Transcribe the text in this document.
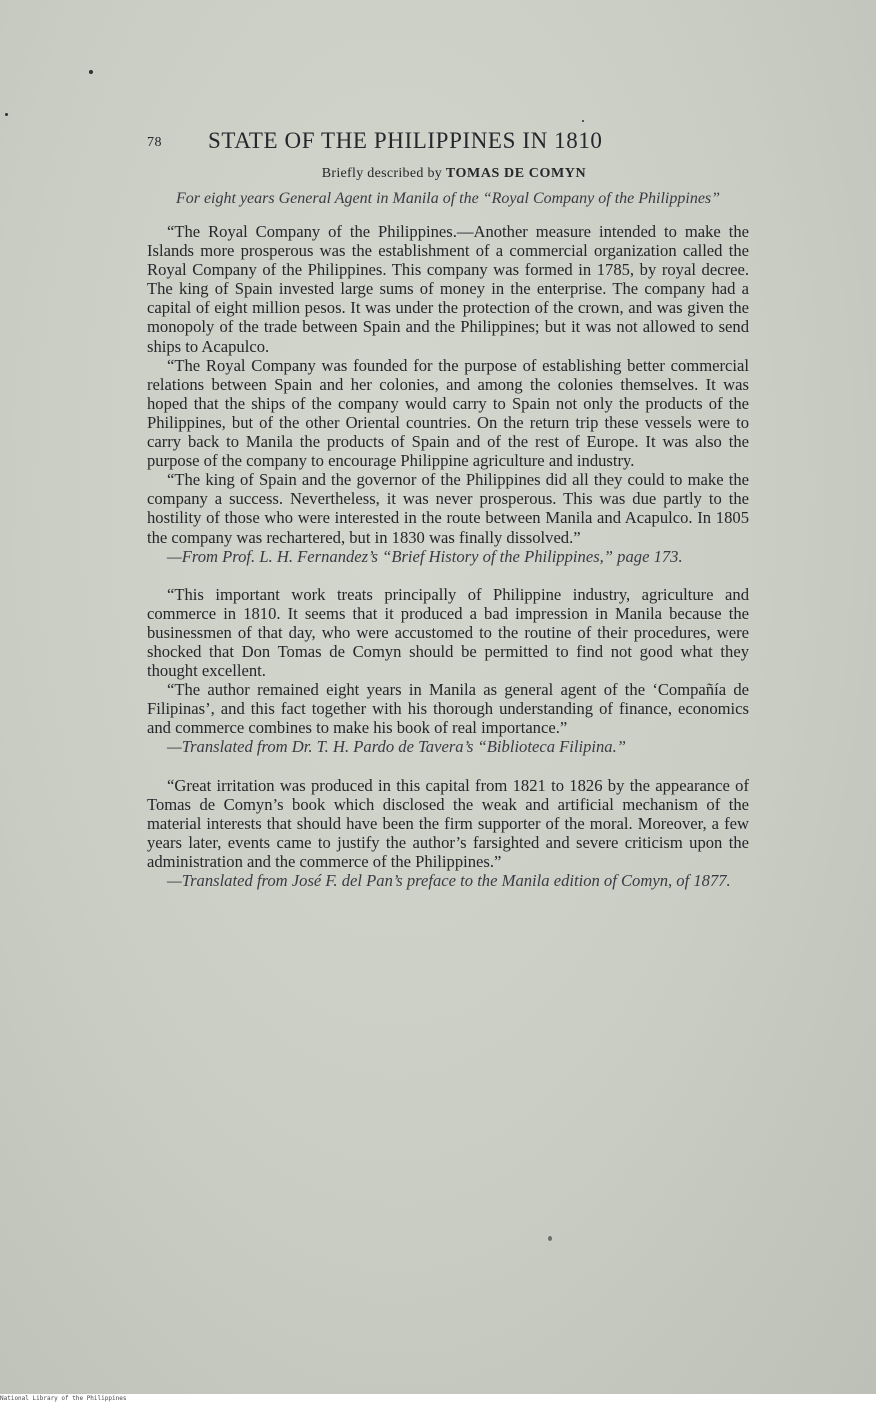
78 STATE OF THE PHILIPPINES IN 1810

Briefly described by TOMAS DE COMYN

For eight years General Agent in Manila of the “Royal Company of the Philippines”

“The Royal Company of the Philippines.—Another measure intended to make the Islands more prosperous was the establishment of a commercial organization called the Royal Company of the Philippines. This company was formed in 1785, by royal decree. The king of Spain invested large sums of money in the enterprise. The company had a capital of eight million pesos. It was under the protection of the crown, and was given the monopoly of the trade between Spain and the Philippines; but it was not allowed to send ships to Acapulco.

“The Royal Company was founded for the purpose of establishing better commercial relations between Spain and her colonies, and among the colonies themselves. It was hoped that the ships of the company would carry to Spain not only the products of the Philippines, but of the other Oriental countries. On the return trip these vessels were to carry back to Manila the products of Spain and of the rest of Europe. It was also the purpose of the company to encourage Philippine agriculture and industry.

“The king of Spain and the governor of the Philippines did all they could to make the company a success. Nevertheless, it was never prosperous. This was due partly to the hostility of those who were interested in the route between Manila and Acapulco. In 1805 the company was rechartered, but in 1830 was finally dissolved.”

—From Prof. L. H. Fernandez’s “Brief History of the Philippines,” page 173.

“This important work treats principally of Philippine industry, agriculture and commerce in 1810. It seems that it produced a bad impression in Manila because the businessmen of that day, who were accustomed to the routine of their procedures, were shocked that Don Tomas de Comyn should be permitted to find not good what they thought excellent.

“The author remained eight years in Manila as general agent of the ‘Compañía de Filipinas’, and this fact together with his thorough understanding of finance, economics and commerce combines to make his book of real importance.”

—Translated from Dr. T. H. Pardo de Tavera’s “Biblioteca Filipina.”

“Great irritation was produced in this capital from 1821 to 1826 by the appearance of Tomas de Comyn’s book which disclosed the weak and artificial mechanism of the material interests that should have been the firm supporter of the moral. Moreover, a few years later, events came to justify the author’s farsighted and severe criticism upon the administration and the commerce of the Philippines.”

—Translated from José F. del Pan’s preface to the Manila edition of Comyn, of 1877.

National Library of the Philippines
